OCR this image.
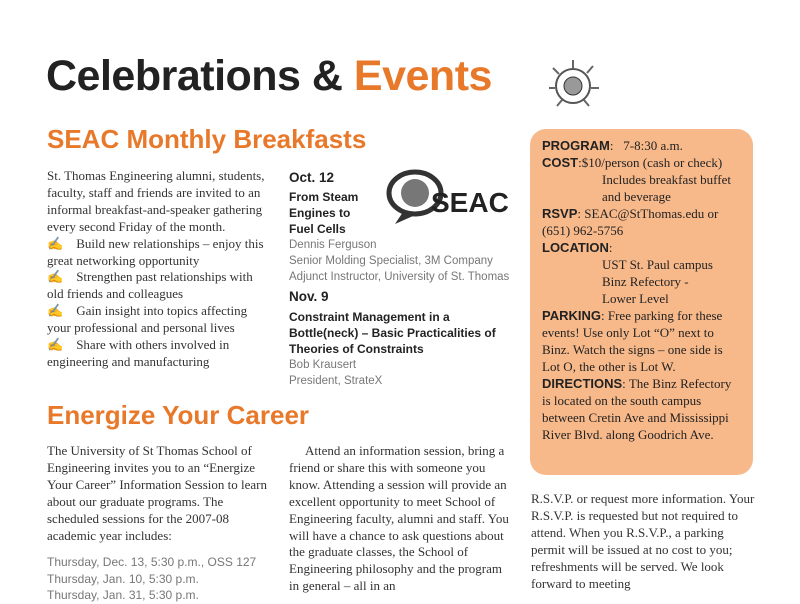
Celebrations & Events
SEAC Monthly Breakfasts
St. Thomas Engineering alumni, students, faculty, staff and friends are invited to an informal breakfast-and-speaker gathering every second Friday of the month.
✍    Build new relationships – enjoy this great networking opportunity
✍    Strengthen past relationships with old friends and colleagues
✍    Gain insight into topics affecting your professional and personal lives
✍    Share with others involved in engineering and manufacturing
Oct. 12
From Steam Engines to Fuel Cells
Dennis Ferguson
Senior Molding Specialist, 3M Company
Adjunct Instructor, University of St. Thomas
Nov. 9
Constraint Management in a Bottle(neck) – Basic Practicalities of Theories of Constraints
Bob Krausert
President, StrateX
SEAC
PROGRAM:   7-8:30 a.m.
COST:$10/person (cash or check)
Includes breakfast buffet and beverage
RSVP: SEAC@StThomas.edu or (651) 962-5756
LOCATION:
UST St. Paul campus
Binz Refectory -
Lower Level
PARKING: Free parking for these events! Use only Lot “O” next to Binz. Watch the signs – one side is Lot O, the other is Lot W.
DIRECTIONS: The Binz Refectory is located on the south campus between Cretin Ave and Mississippi River Blvd. along Goodrich Ave.
Energize Your Career
The University of St Thomas School of Engineering invites you to an “Energize Your Career” Information Session to learn about our graduate programs. The scheduled sessions for the 2007-08 academic year includes:
Thursday, Dec. 13, 5:30 p.m., OSS 127
Thursday, Jan. 10, 5:30 p.m.
Thursday, Jan. 31, 5:30 p.m.
Attend an information session, bring a friend or share this with someone you know. Attending a session will provide an excellent opportunity to meet School of Engineering faculty, alumni and staff. You will have a chance to ask questions about the graduate classes, the School of Engineering philosophy and the program in general – all in an
R.S.V.P. or request more information. Your R.S.V.P. is requested but not required to attend. When you R.S.V.P., a parking permit will be issued at no cost to you; refreshments will be served. We look forward to meeting
